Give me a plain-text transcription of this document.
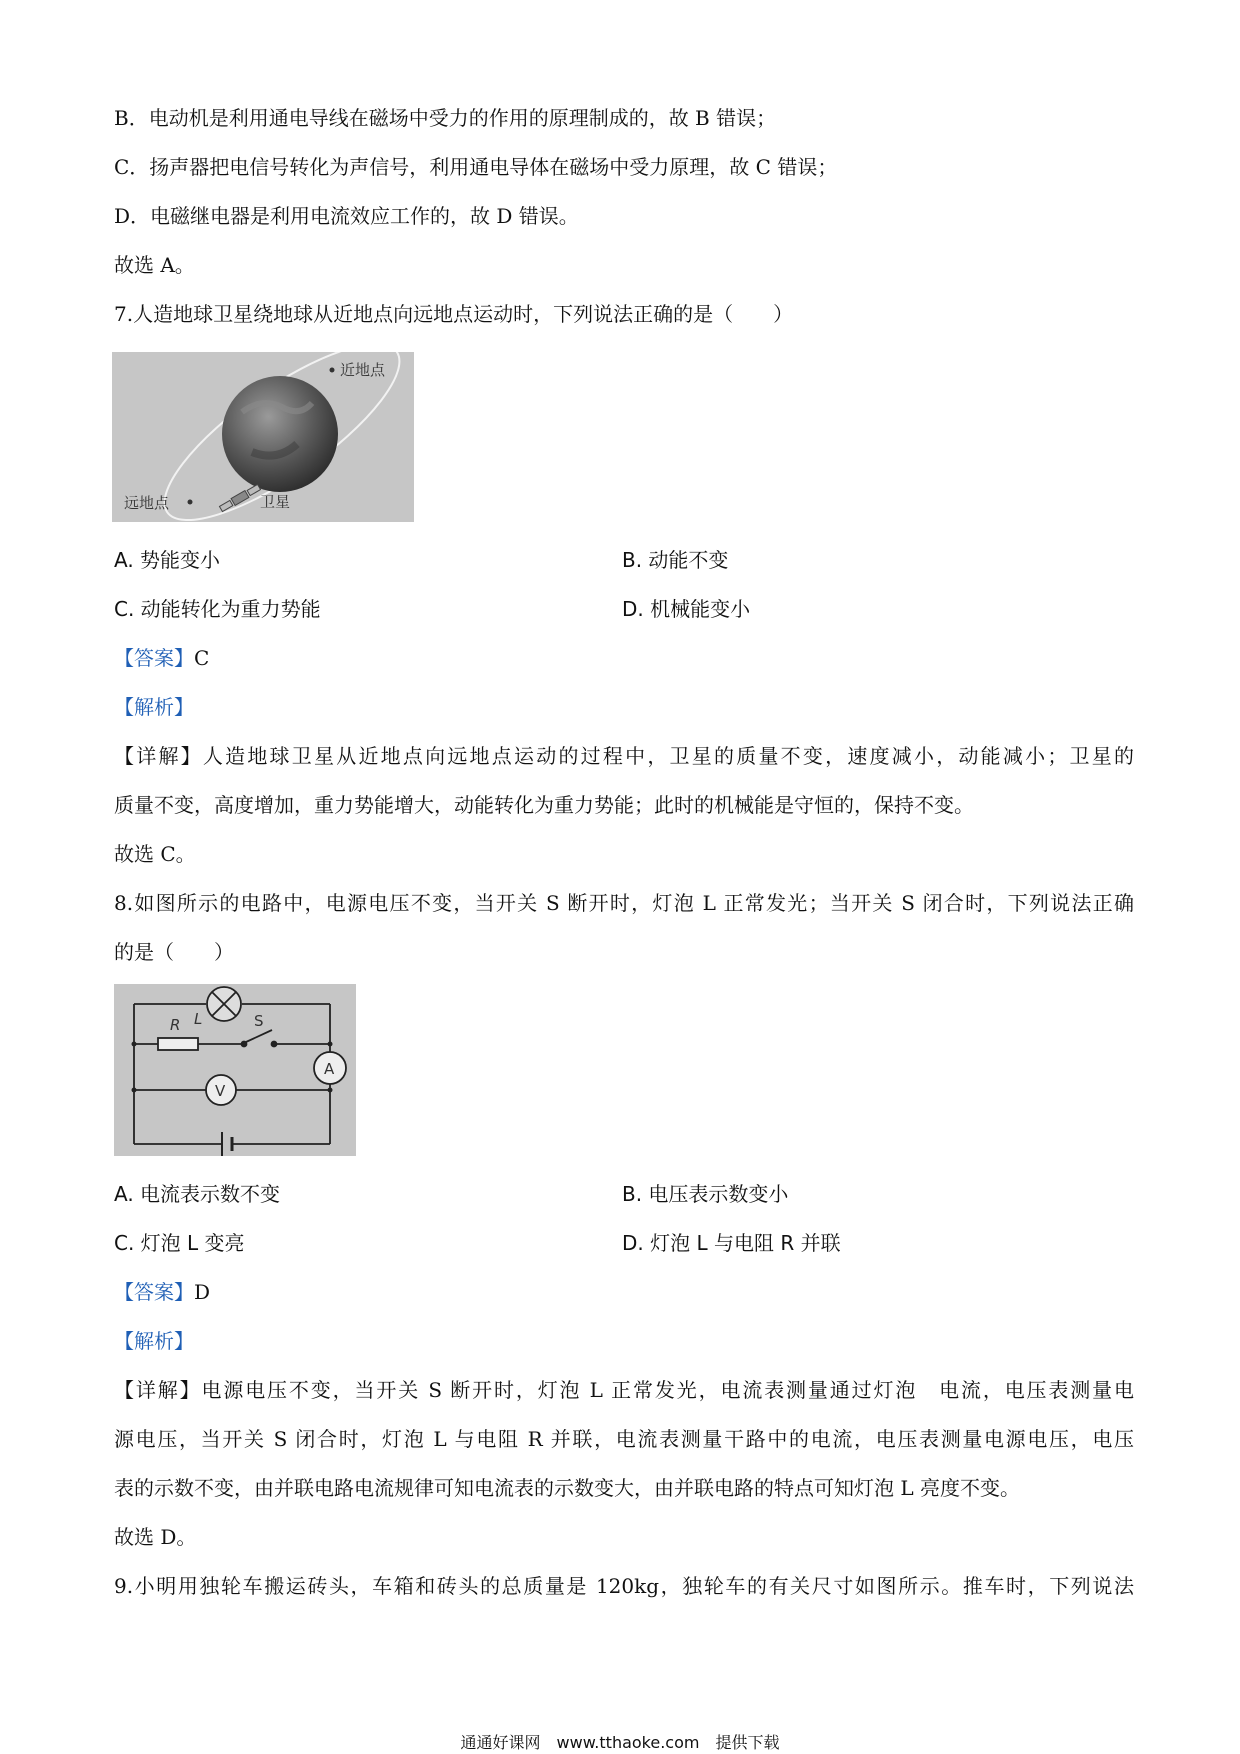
B．电动机是利用通电导线在磁场中受力的作用的原理制成的，故 B 错误；
C．扬声器把电信号转化为声信号，利用通电导体在磁场中受力原理，故 C 错误；
D．电磁继电器是利用电流效应工作的，故 D 错误。
故选 A。
7.人造地球卫星绕地球从近地点向远地点运动时，下列说法正确的是（　　）
近地点
远地点	卫星
A. 势能变小	B. 动能不变
C. 动能转化为重力势能	D. 机械能变小
【答案】C
【解析】
【详解】人造地球卫星从近地点向远地点运动的过程中，卫星的质量不变，速度减小，动能减小；卫星的
质量不变，高度增加，重力势能增大，动能转化为重力势能；此时的机械能是守恒的，保持不变。
故选 C。
8.如图所示的电路中，电源电压不变，当开关 S 断开时，灯泡 L 正常发光；当开关 S 闭合时，下列说法正确
的是（　　）
L
R	S
A
V
A. 电流表示数不变	B. 电压表示数变小
C. 灯泡 L 变亮	D. 灯泡 L 与电阻 R 并联
【答案】D
【解析】
【详解】电源电压不变，当开关 S 断开时，灯泡 L 正常发光，电流表测量通过灯泡　电流，电压表测量电
源电压，当开关 S 闭合时，灯泡 L 与电阻 R 并联，电流表测量干路中的电流，电压表测量电源电压，电压
表的示数不变，由并联电路电流规律可知电流表的示数变大，由并联电路的特点可知灯泡 L 亮度不变。
故选 D。
9.小明用独轮车搬运砖头，车箱和砖头的总质量是 120kg，独轮车的有关尺寸如图所示。推车时，下列说法
通通好课网　www.tthaoke.com　提供下载
